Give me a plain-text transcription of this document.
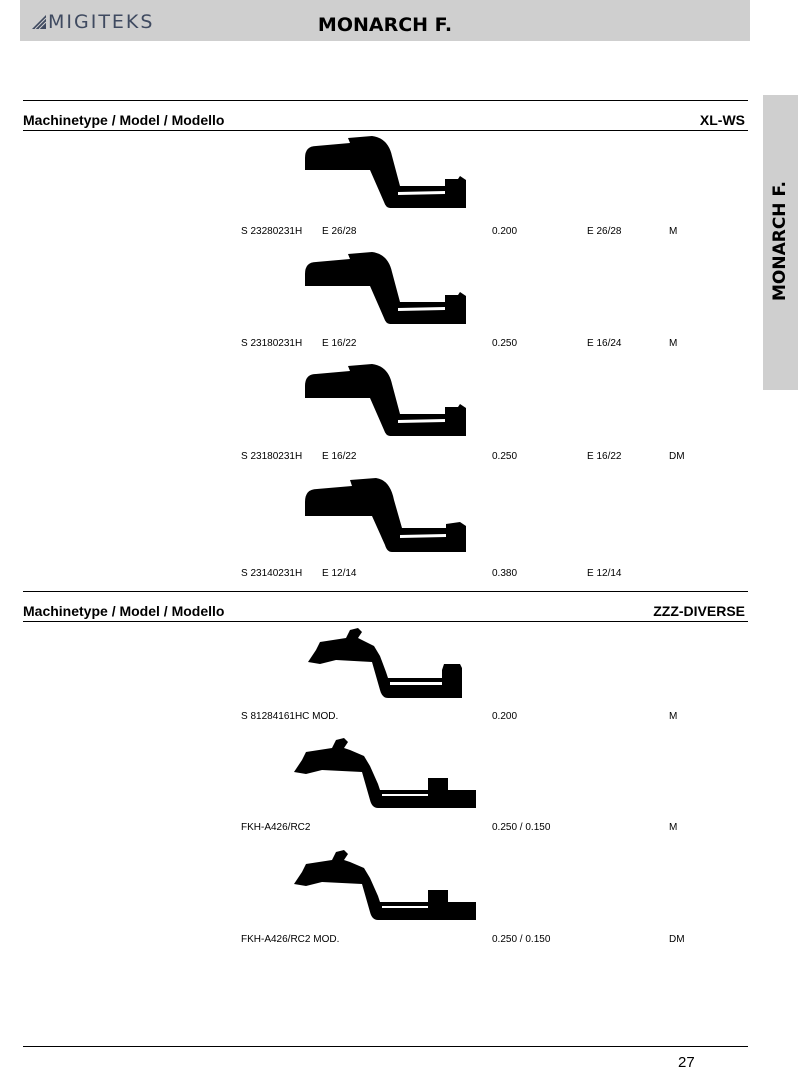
MIGITEKS	MONARCH F.
MONARCH F.
Machinetype / Model / Modello	XL-WS
S 23280231H E 26/28	0.200	E 26/28	M
S 23180231H E 16/22	0.250	E 16/24	M
S 23180231H E 16/22	0.250	E 16/22	DM
S 23140231H E 12/14	0.380	E 12/14
Machinetype / Model / Modello	ZZZ-DIVERSE
S 81284161HC MOD.	0.200	M
FKH-A426/RC2	0.250 / 0.150	M
FKH-A426/RC2 MOD.	0.250 / 0.150	DM
27
